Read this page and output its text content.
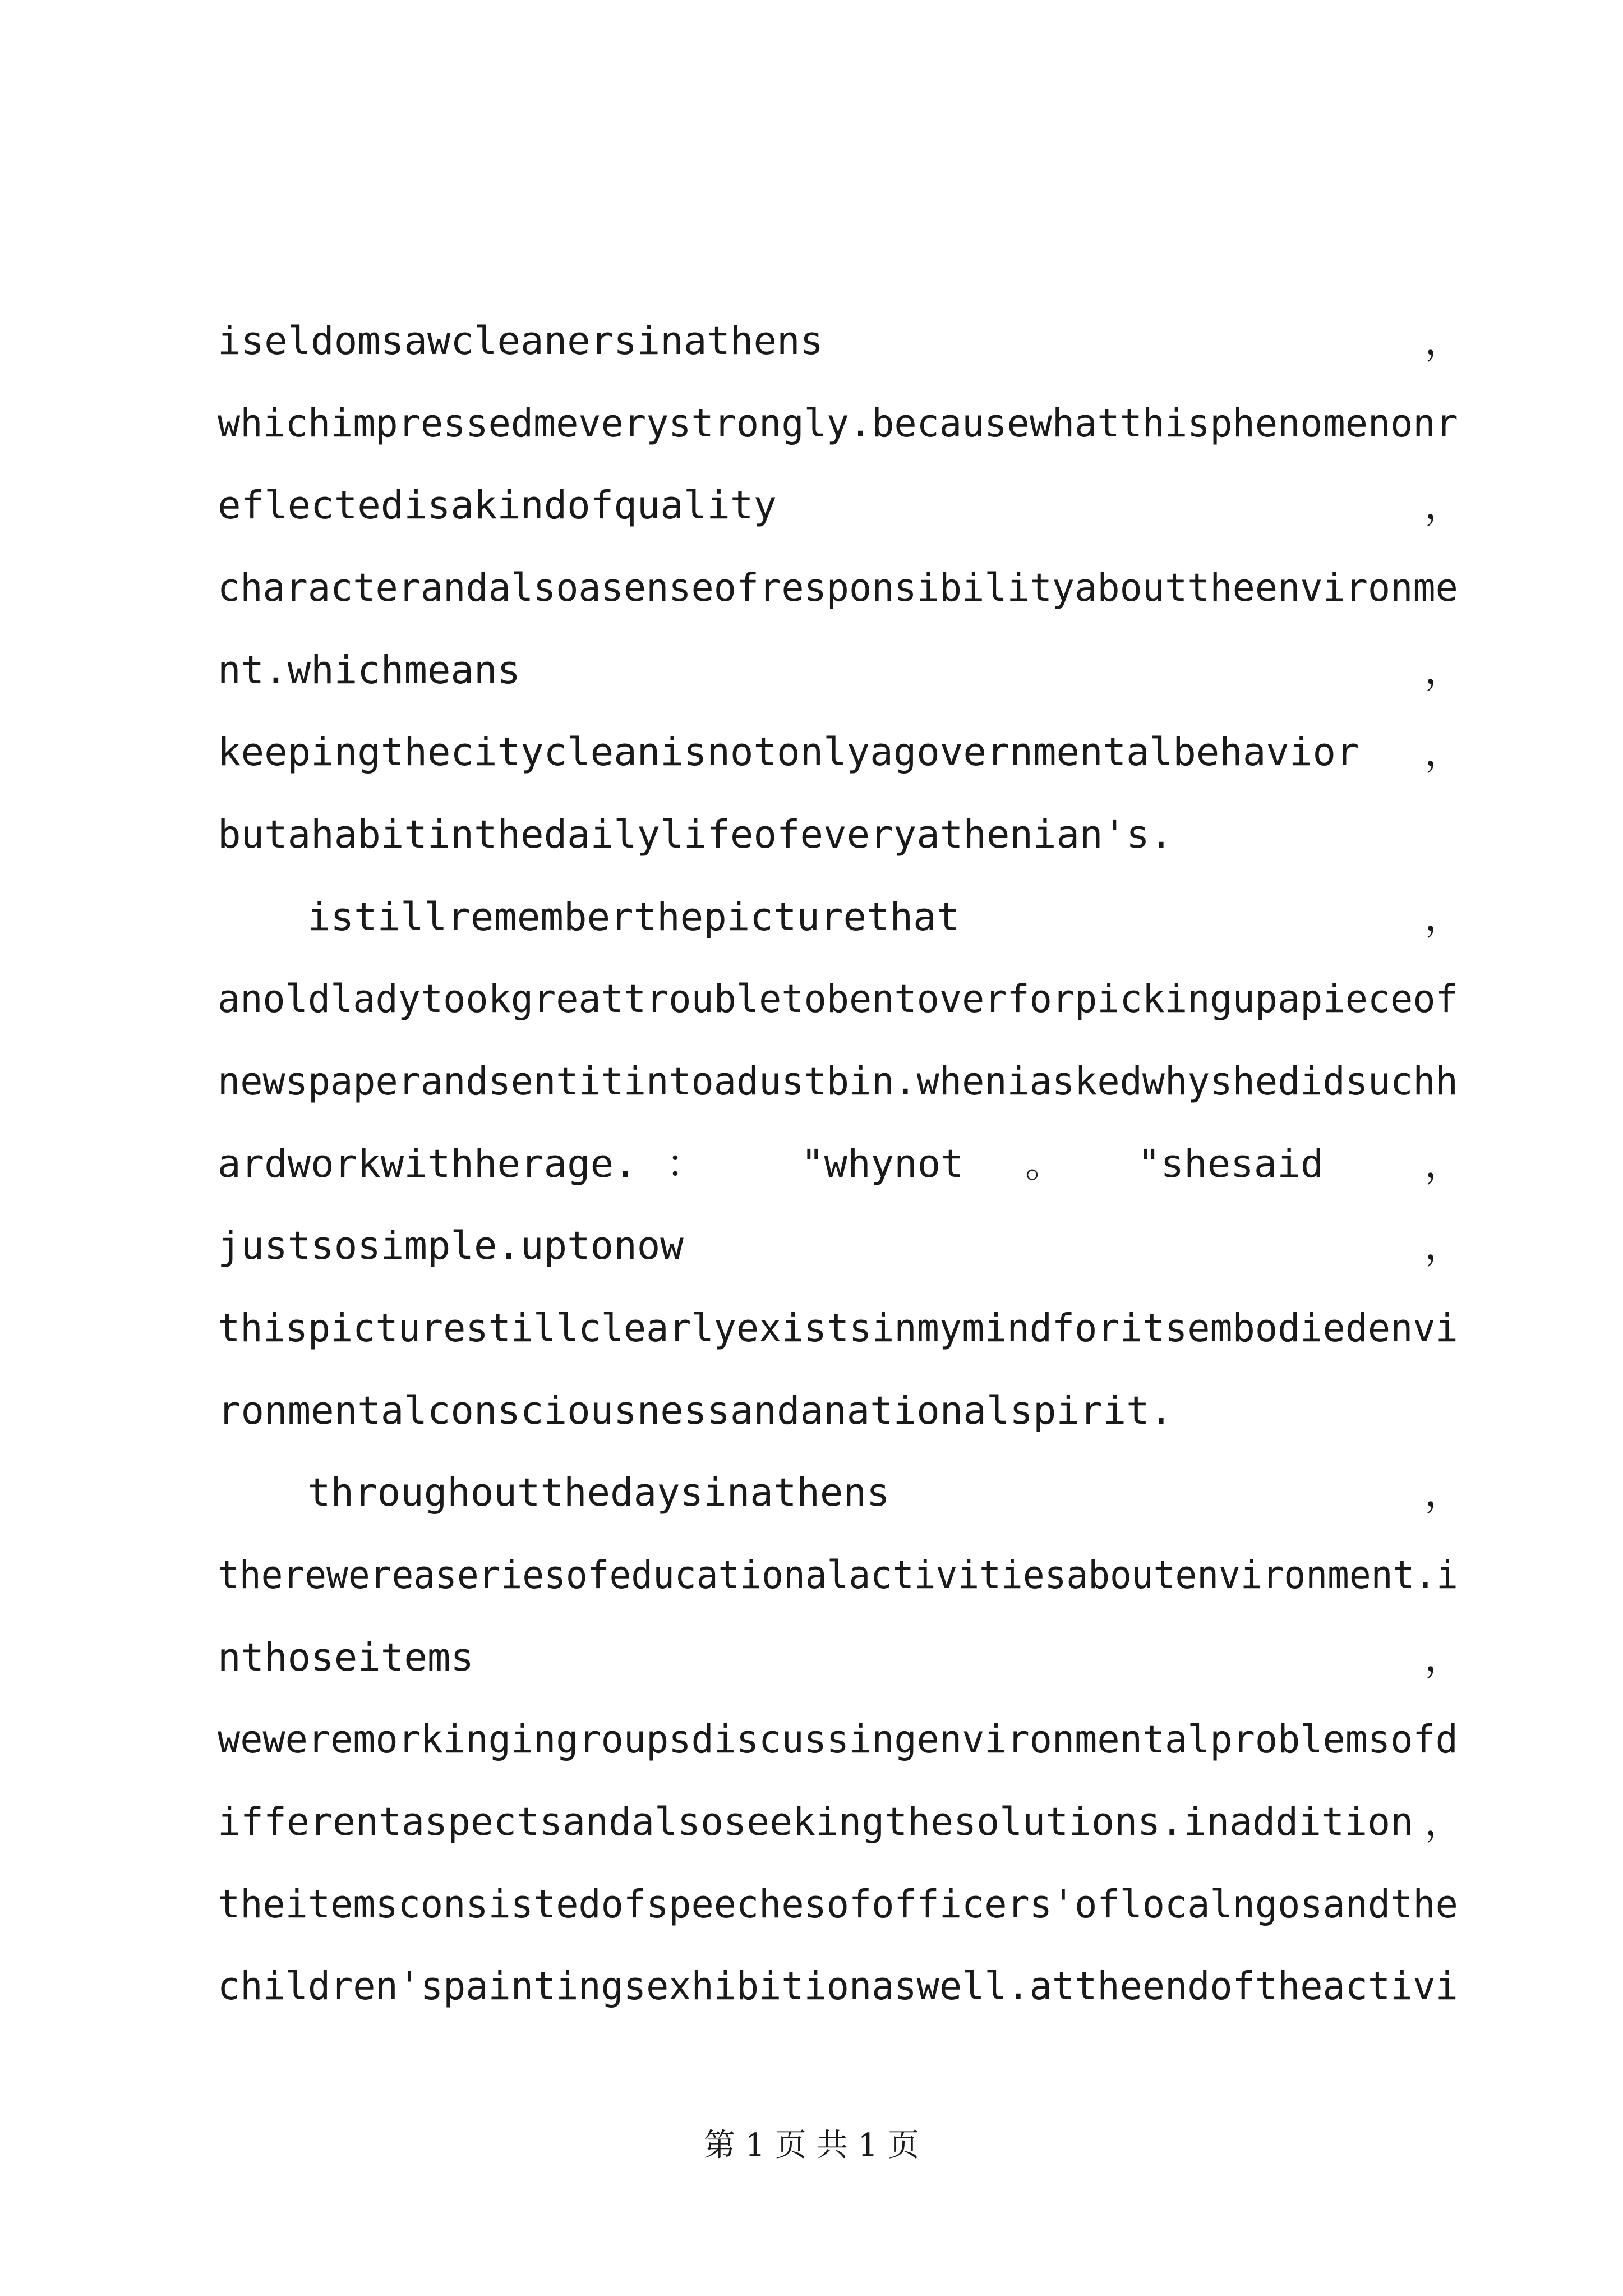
iseldomsawcleanersinathens	，
whichimpressedmeverystrongly.becausewhatthisphenomenonr
eflectedisakindofquality	，
characterandalsoasenseofresponsibilityabouttheenvironme
nt.whichmeans	，
keepingthecitycleanisnotonlyagovernmentalbehavior ，
butahabitinthedailylifeofeveryathenian's.
istillrememberthepicturethat	，
anoldladytookgreattroubletobentoverforpickingupapieceof
newspaperandsentitintoadustbin.wheniaskedwhyshedidsuchh
ardworkwithherage. ： "whynot 。 "shesaid	，
justsosimple.uptonow	，
thispicturestillclearlyexistsinmymindforitsembodiedenvi
ronmentalconsciousnessandanationalspirit.
throughoutthedaysinathens	，
therewereaseriesofeducationalactivitiesaboutenvironment.i
nthoseitems	，
weweremorkingingroupsdiscussingenvironmentalproblemsofd
ifferentaspectsandalsoseekingthesolutions.inaddition ，
theitemsconsistedofspeechesofofficers'oflocalngosandthe
children'spaintingsexhibitionaswell.attheendoftheactivi
第 1 页 共 1 页
